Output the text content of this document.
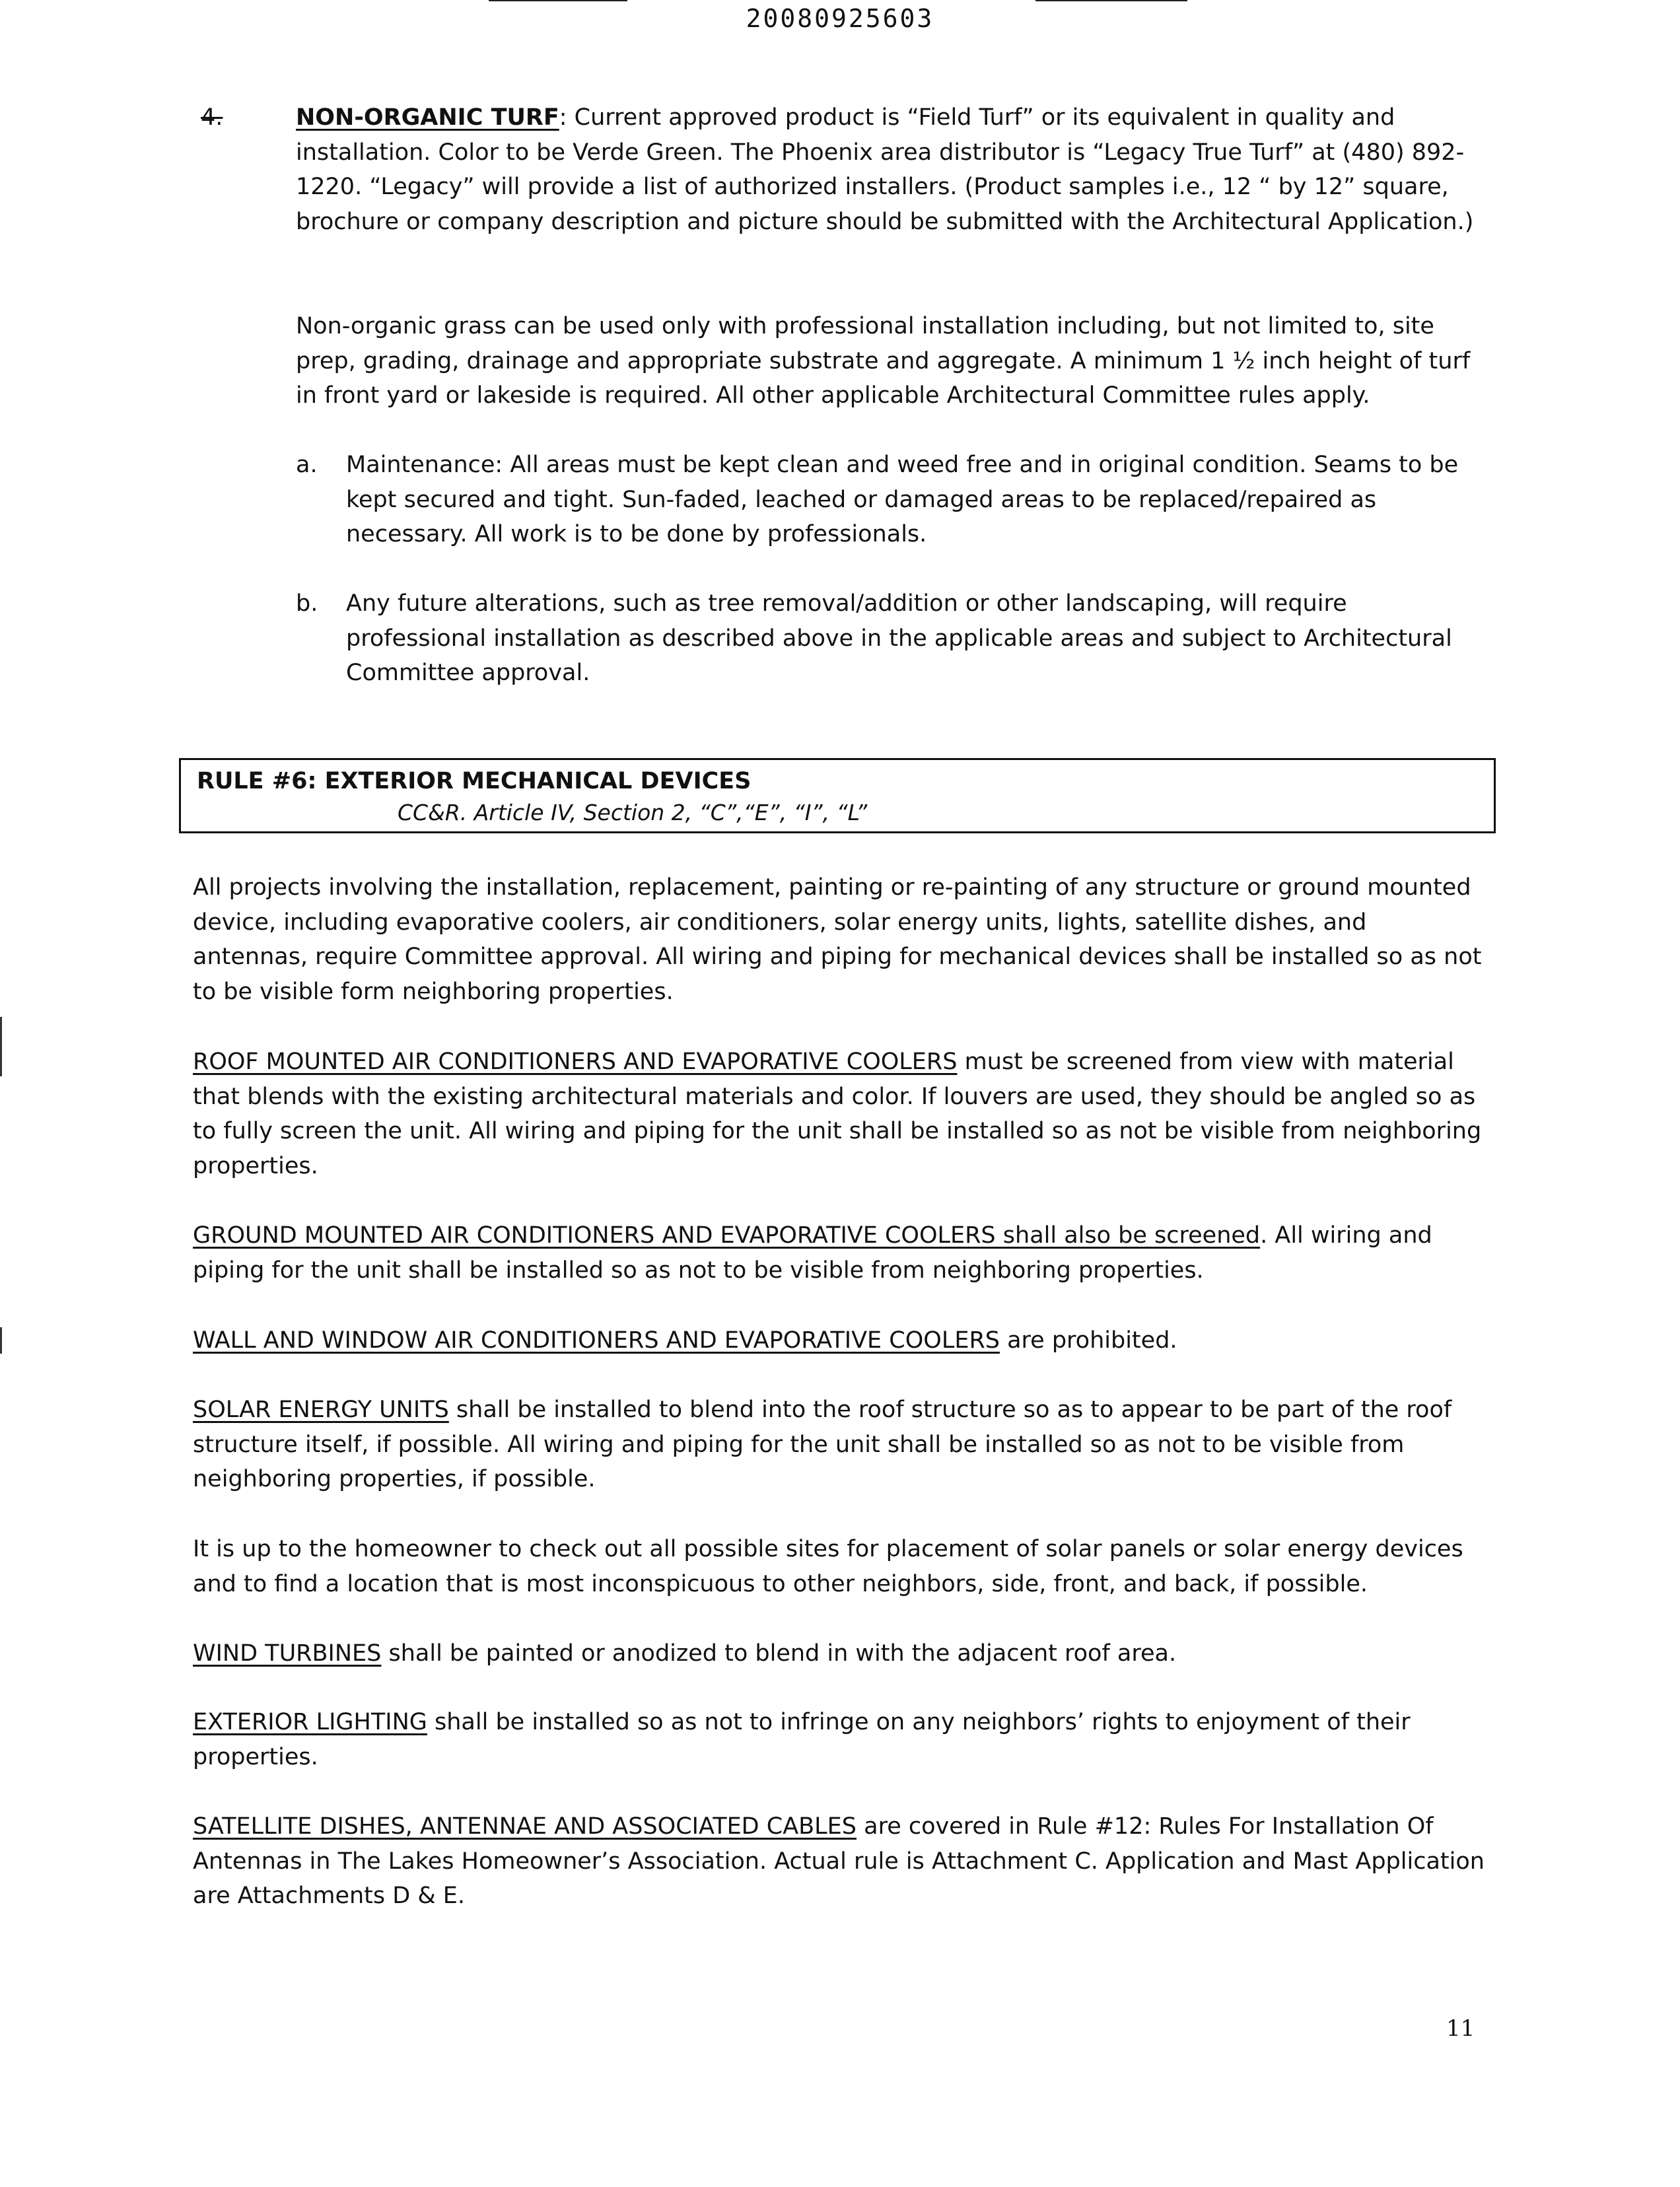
20080925603
4.	NON-ORGANIC TURF: Current approved product is “Field Turf” or its equivalent in quality and installation. Color to be Verde Green. The Phoenix area distributor is “Legacy True Turf” at (480) 892-1220. “Legacy” will provide a list of authorized installers. (Product samples i.e., 12 “ by 12” square, brochure or company description and picture should be submitted with the Architectural Application.)

Non-organic grass can be used only with professional installation including, but not limited to, site prep, grading, drainage and appropriate substrate and aggregate. A minimum 1 ½ inch height of turf in front yard or lakeside is required. All other applicable Architectural Committee rules apply.

a. Maintenance: All areas must be kept clean and weed free and in original condition. Seams to be kept secured and tight. Sun-faded, leached or damaged areas to be replaced/repaired as necessary. All work is to be done by professionals.

b. Any future alterations, such as tree removal/addition or other landscaping, will require professional installation as described above in the applicable areas and subject to Architectural Committee approval.

RULE #6: EXTERIOR MECHANICAL DEVICES
CC&R. Article IV, Section 2, “C”,“E”, “I”, “L”

All projects involving the installation, replacement, painting or re-painting of any structure or ground mounted device, including evaporative coolers, air conditioners, solar energy units, lights, satellite dishes, and antennas, require Committee approval. All wiring and piping for mechanical devices shall be installed so as not to be visible form neighboring properties.

ROOF MOUNTED AIR CONDITIONERS AND EVAPORATIVE COOLERS must be screened from view with material that blends with the existing architectural materials and color. If louvers are used, they should be angled so as to fully screen the unit. All wiring and piping for the unit shall be installed so as not be visible from neighboring properties.

GROUND MOUNTED AIR CONDITIONERS AND EVAPORATIVE COOLERS shall also be screened. All wiring and piping for the unit shall be installed so as not to be visible from neighboring properties.

WALL AND WINDOW AIR CONDITIONERS AND EVAPORATIVE COOLERS are prohibited.

SOLAR ENERGY UNITS shall be installed to blend into the roof structure so as to appear to be part of the roof structure itself, if possible. All wiring and piping for the unit shall be installed so as not to be visible from neighboring properties, if possible.

It is up to the homeowner to check out all possible sites for placement of solar panels or solar energy devices and to find a location that is most inconspicuous to other neighbors, side, front, and back, if possible.

WIND TURBINES shall be painted or anodized to blend in with the adjacent roof area.

EXTERIOR LIGHTING shall be installed so as not to infringe on any neighbors’ rights to enjoyment of their properties.

SATELLITE DISHES, ANTENNAE AND ASSOCIATED CABLES are covered in Rule #12: Rules For Installation Of Antennas in The Lakes Homeowner’s Association. Actual rule is Attachment C. Application and Mast Application are Attachments D & E.

11
